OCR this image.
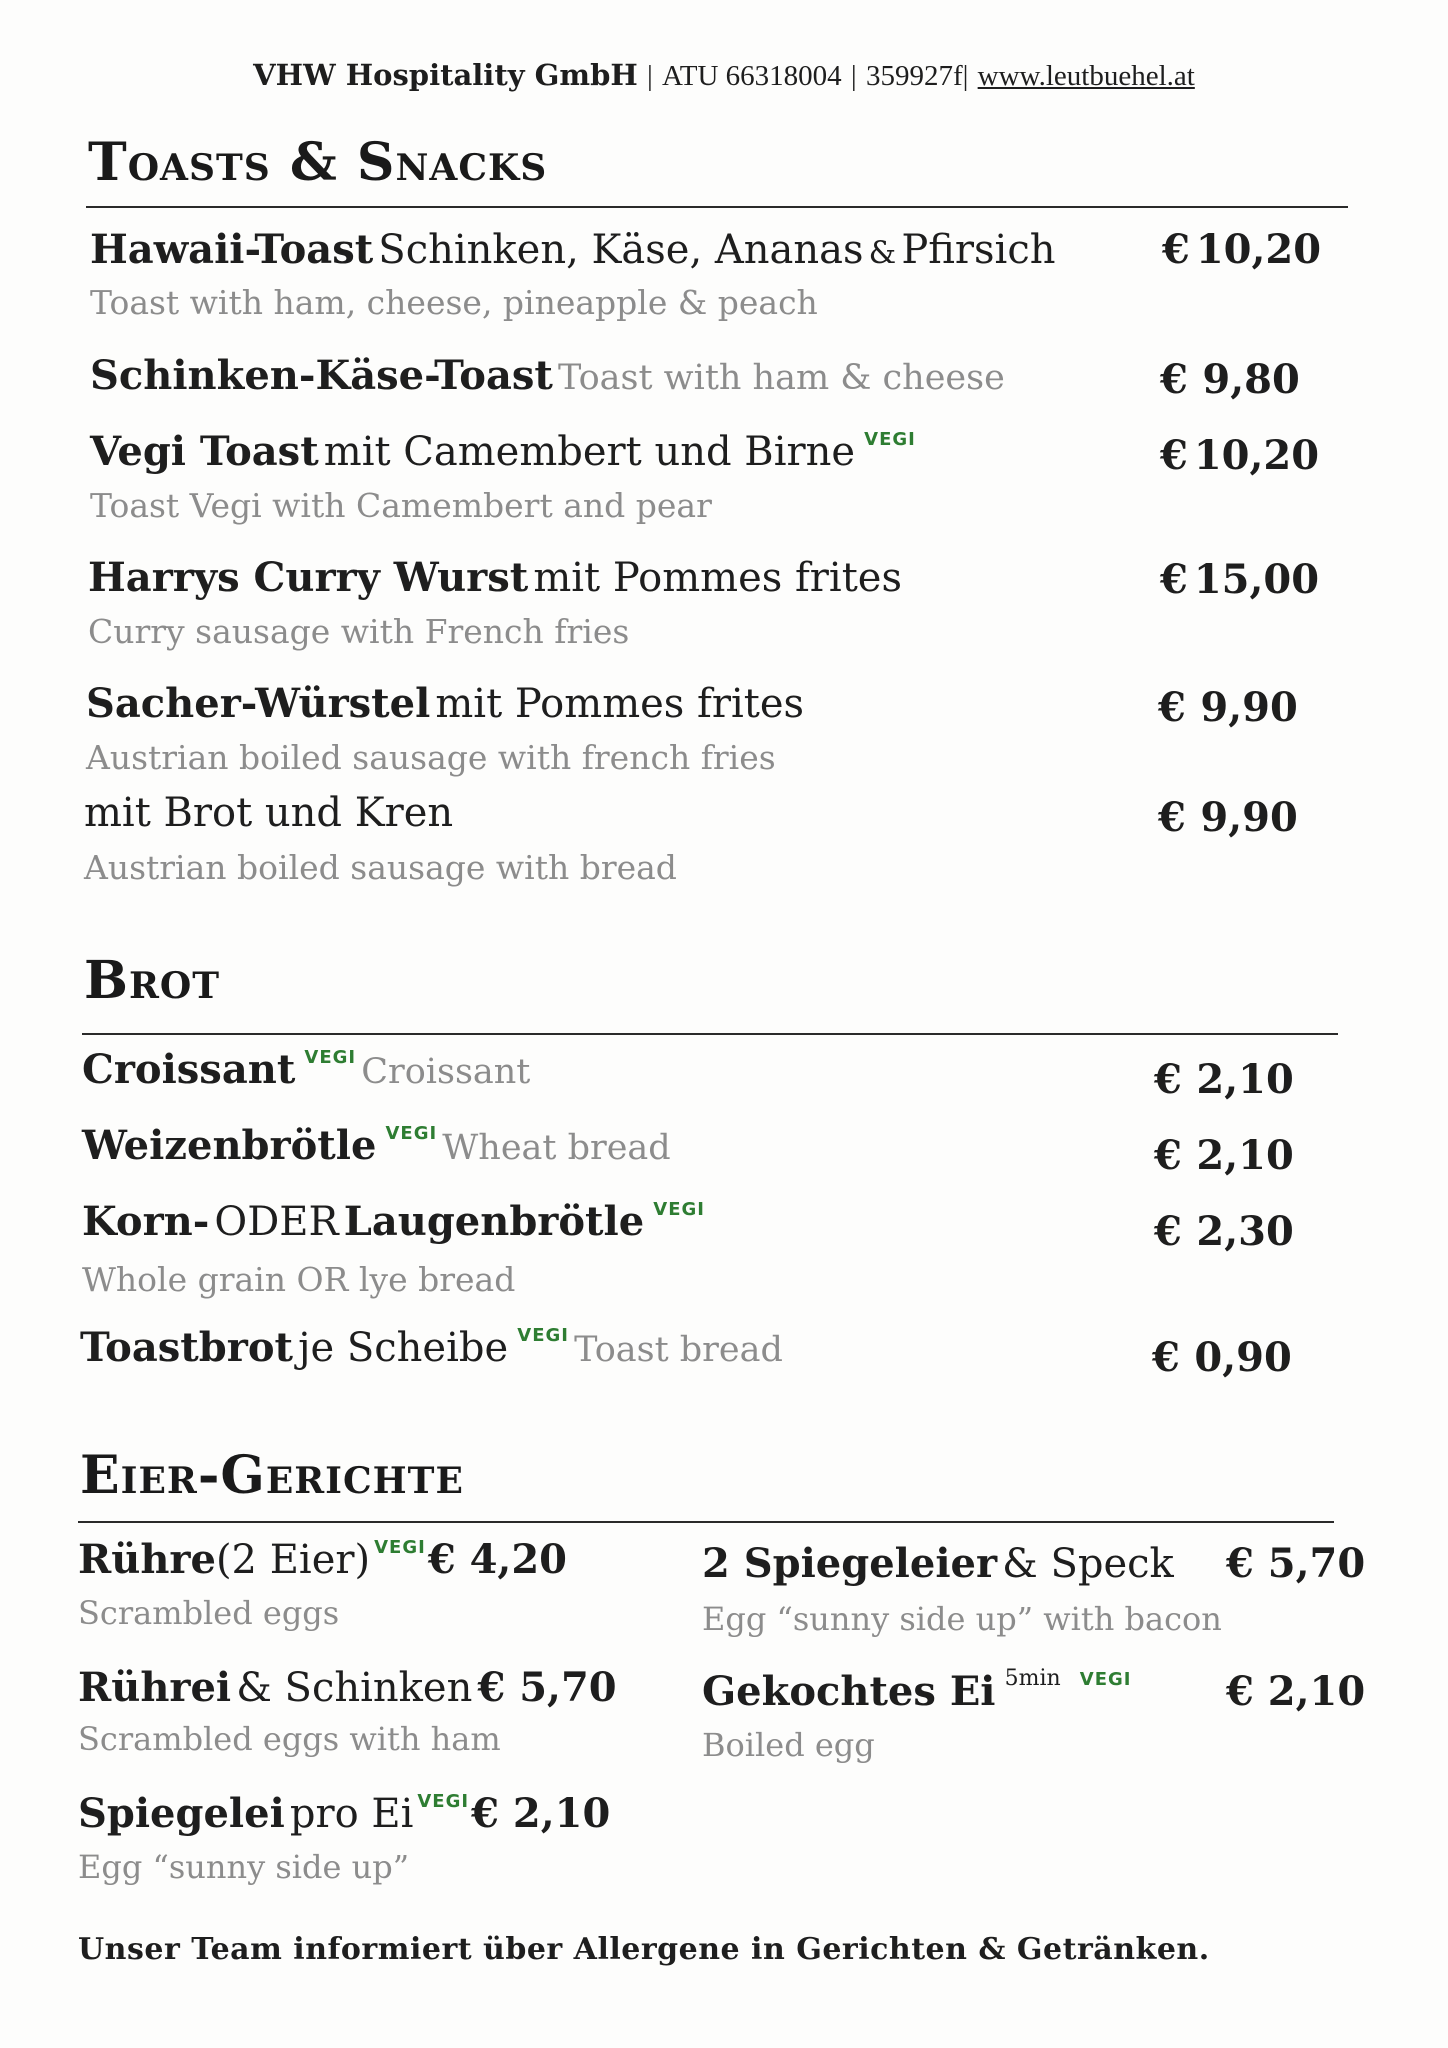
VHW Hospitality GmbH | ATU 66318004 | 359927f| www.leutbuehel.at
Toasts & Snacks
Hawaii-Toast Schinken, Käse, Ananas & Pfirsich	€ 10,20
Toast with ham, cheese, pineapple & peach
Schinken-Käse-Toast Toast with ham & cheese	€ 9,80
Vegi Toast mit Camembert und Birne VEGI	€ 10,20
Toast Vegi with Camembert and pear
Harrys Curry Wurst mit Pommes frites	€ 15,00
Curry sausage with French fries
Sacher-Würstel mit Pommes frites	€ 9,90
Austrian boiled sausage with french fries
mit Brot und Kren	€ 9,90
Austrian boiled sausage with bread
Brot
Croissant VEGI Croissant	€ 2,10
Weizenbrötle VEGI Wheat bread	€ 2,10
Korn- ODER Laugenbrötle VEGI	€ 2,30
Whole grain OR lye bread
Toastbrot je Scheibe VEGI Toast bread	€ 0,90
Eier-Gerichte
Rühre(2 Eier) VEGI€ 4,20
Scrambled eggs
Rührei & Schinken € 5,70
Scrambled eggs with ham
Spiegelei pro Ei VEGI€ 2,10
Egg “sunny side up”
2 Spiegeleier & Speck € 5,70
Egg “sunny side up” with bacon
Gekochtes Ei 5min VEGI € 2,10
Boiled egg
Unser Team informiert über Allergene in Gerichten & Getränken.
